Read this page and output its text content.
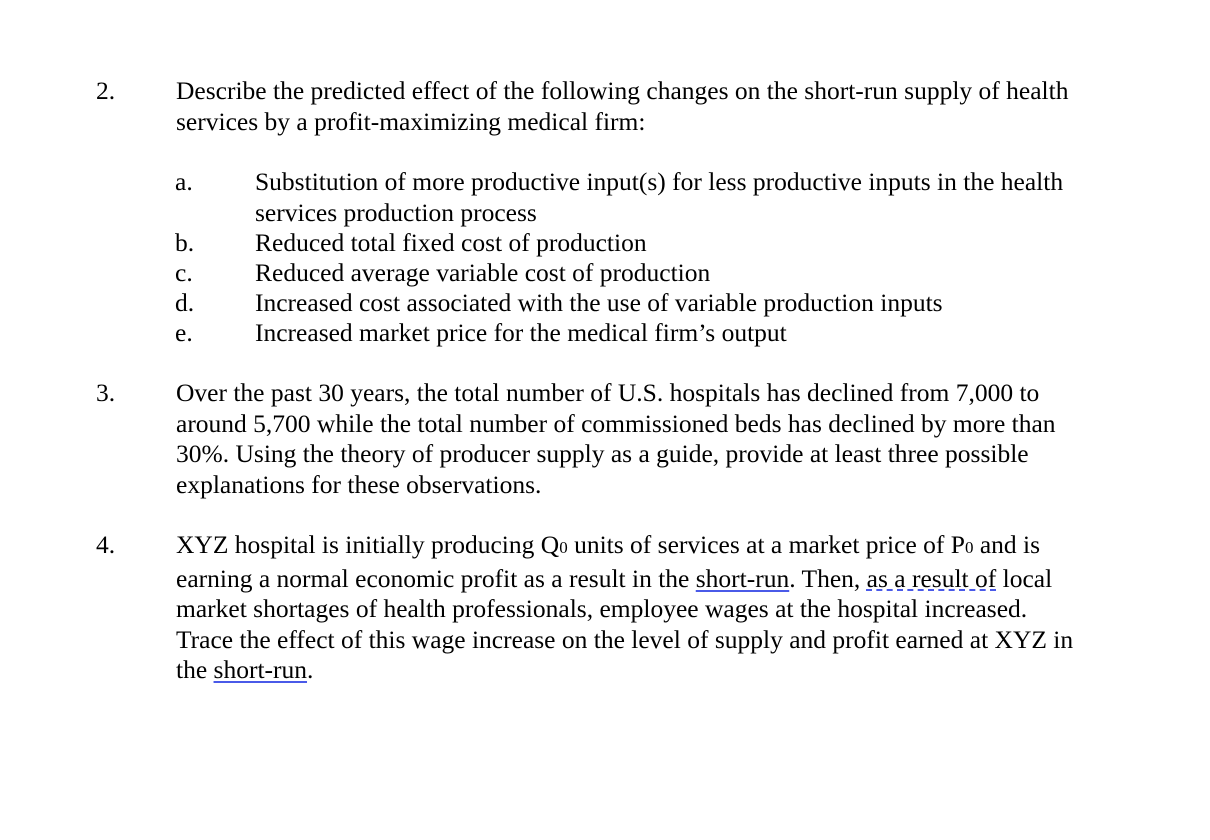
2. Describe the predicted effect of the following changes on the short-run supply of health
services by a profit-maximizing medical firm:
a. Substitution of more productive input(s) for less productive inputs in the health
services production process
b. Reduced total fixed cost of production
c. Reduced average variable cost of production
d. Increased cost associated with the use of variable production inputs
e. Increased market price for the medical firm’s output
3. Over the past 30 years, the total number of U.S. hospitals has declined from 7,000 to
around 5,700 while the total number of commissioned beds has declined by more than
30%. Using the theory of producer supply as a guide, provide at least three possible
explanations for these observations.
4. XYZ hospital is initially producing Q0 units of services at a market price of P0 and is
earning a normal economic profit as a result in the short-run. Then, as a result of local
market shortages of health professionals, employee wages at the hospital increased.
Trace the effect of this wage increase on the level of supply and profit earned at XYZ in
the short-run.
